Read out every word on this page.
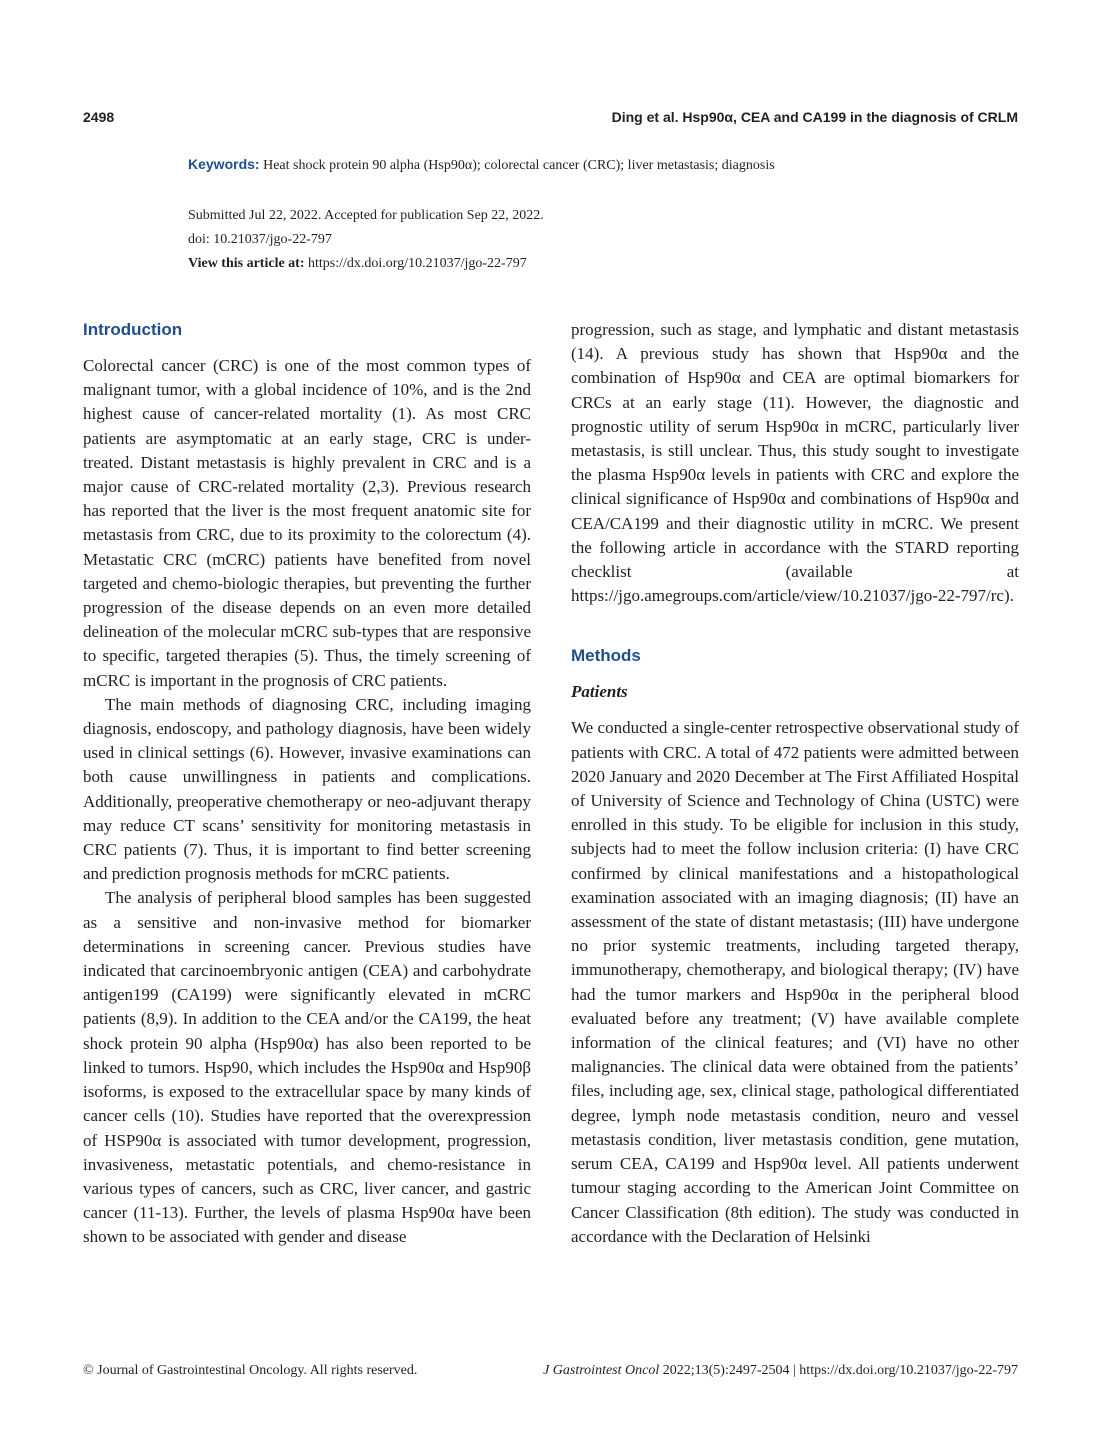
2498	Ding et al. Hsp90α, CEA and CA199 in the diagnosis of CRLM
Keywords: Heat shock protein 90 alpha (Hsp90α); colorectal cancer (CRC); liver metastasis; diagnosis
Submitted Jul 22, 2022. Accepted for publication Sep 22, 2022.
doi: 10.21037/jgo-22-797
View this article at: https://dx.doi.org/10.21037/jgo-22-797
Introduction

Colorectal cancer (CRC) is one of the most common types of malignant tumor, with a global incidence of 10%, and is the 2nd highest cause of cancer-related mortality (1). As most CRC patients are asymptomatic at an early stage, CRC is under-treated. Distant metastasis is highly prevalent in CRC and is a major cause of CRC-related mortality (2,3). Previous research has reported that the liver is the most frequent anatomic site for metastasis from CRC, due to its proximity to the colorectum (4). Metastatic CRC (mCRC) patients have benefited from novel targeted and chemo-biologic therapies, but preventing the further progression of the disease depends on an even more detailed delineation of the molecular mCRC sub-types that are responsive to specific, targeted therapies (5). Thus, the timely screening of mCRC is important in the prognosis of CRC patients.

The main methods of diagnosing CRC, including imaging diagnosis, endoscopy, and pathology diagnosis, have been widely used in clinical settings (6). However, invasive examinations can both cause unwillingness in patients and complications. Additionally, preoperative chemotherapy or neo-adjuvant therapy may reduce CT scans’ sensitivity for monitoring metastasis in CRC patients (7). Thus, it is important to find better screening and prediction prognosis methods for mCRC patients.

The analysis of peripheral blood samples has been suggested as a sensitive and non-invasive method for biomarker determinations in screening cancer. Previous studies have indicated that carcinoembryonic antigen (CEA) and carbohydrate antigen199 (CA199) were significantly elevated in mCRC patients (8,9). In addition to the CEA and/or the CA199, the heat shock protein 90 alpha (Hsp90α) has also been reported to be linked to tumors. Hsp90, which includes the Hsp90α and Hsp90β isoforms, is exposed to the extracellular space by many kinds of cancer cells (10). Studies have reported that the overexpression of HSP90α is associated with tumor development, progression, invasiveness, metastatic potentials, and chemo-resistance in various types of cancers, such as CRC, liver cancer, and gastric cancer (11-13). Further, the levels of plasma Hsp90α have been shown to be associated with gender and disease

progression, such as stage, and lymphatic and distant metastasis (14). A previous study has shown that Hsp90α and the combination of Hsp90α and CEA are optimal biomarkers for CRCs at an early stage (11). However, the diagnostic and prognostic utility of serum Hsp90α in mCRC, particularly liver metastasis, is still unclear. Thus, this study sought to investigate the plasma Hsp90α levels in patients with CRC and explore the clinical significance of Hsp90α and combinations of Hsp90α and CEA/CA199 and their diagnostic utility in mCRC. We present the following article in accordance with the STARD reporting checklist (available at https://jgo.amegroups.com/article/view/10.21037/jgo-22-797/rc).

Methods
Patients

We conducted a single-center retrospective observational study of patients with CRC. A total of 472 patients were admitted between 2020 January and 2020 December at The First Affiliated Hospital of University of Science and Technology of China (USTC) were enrolled in this study. To be eligible for inclusion in this study, subjects had to meet the follow inclusion criteria: (I) have CRC confirmed by clinical manifestations and a histopathological examination associated with an imaging diagnosis; (II) have an assessment of the state of distant metastasis; (III) have undergone no prior systemic treatments, including targeted therapy, immunotherapy, chemotherapy, and biological therapy; (IV) have had the tumor markers and Hsp90α in the peripheral blood evaluated before any treatment; (V) have available complete information of the clinical features; and (VI) have no other malignancies. The clinical data were obtained from the patients’ files, including age, sex, clinical stage, pathological differentiated degree, lymph node metastasis condition, neuro and vessel metastasis condition, liver metastasis condition, gene mutation, serum CEA, CA199 and Hsp90α level. All patients underwent tumour staging according to the American Joint Committee on Cancer Classification (8th edition). The study was conducted in accordance with the Declaration of Helsinki

© Journal of Gastrointestinal Oncology. All rights reserved.	J Gastrointest Oncol 2022;13(5):2497-2504 | https://dx.doi.org/10.21037/jgo-22-797
